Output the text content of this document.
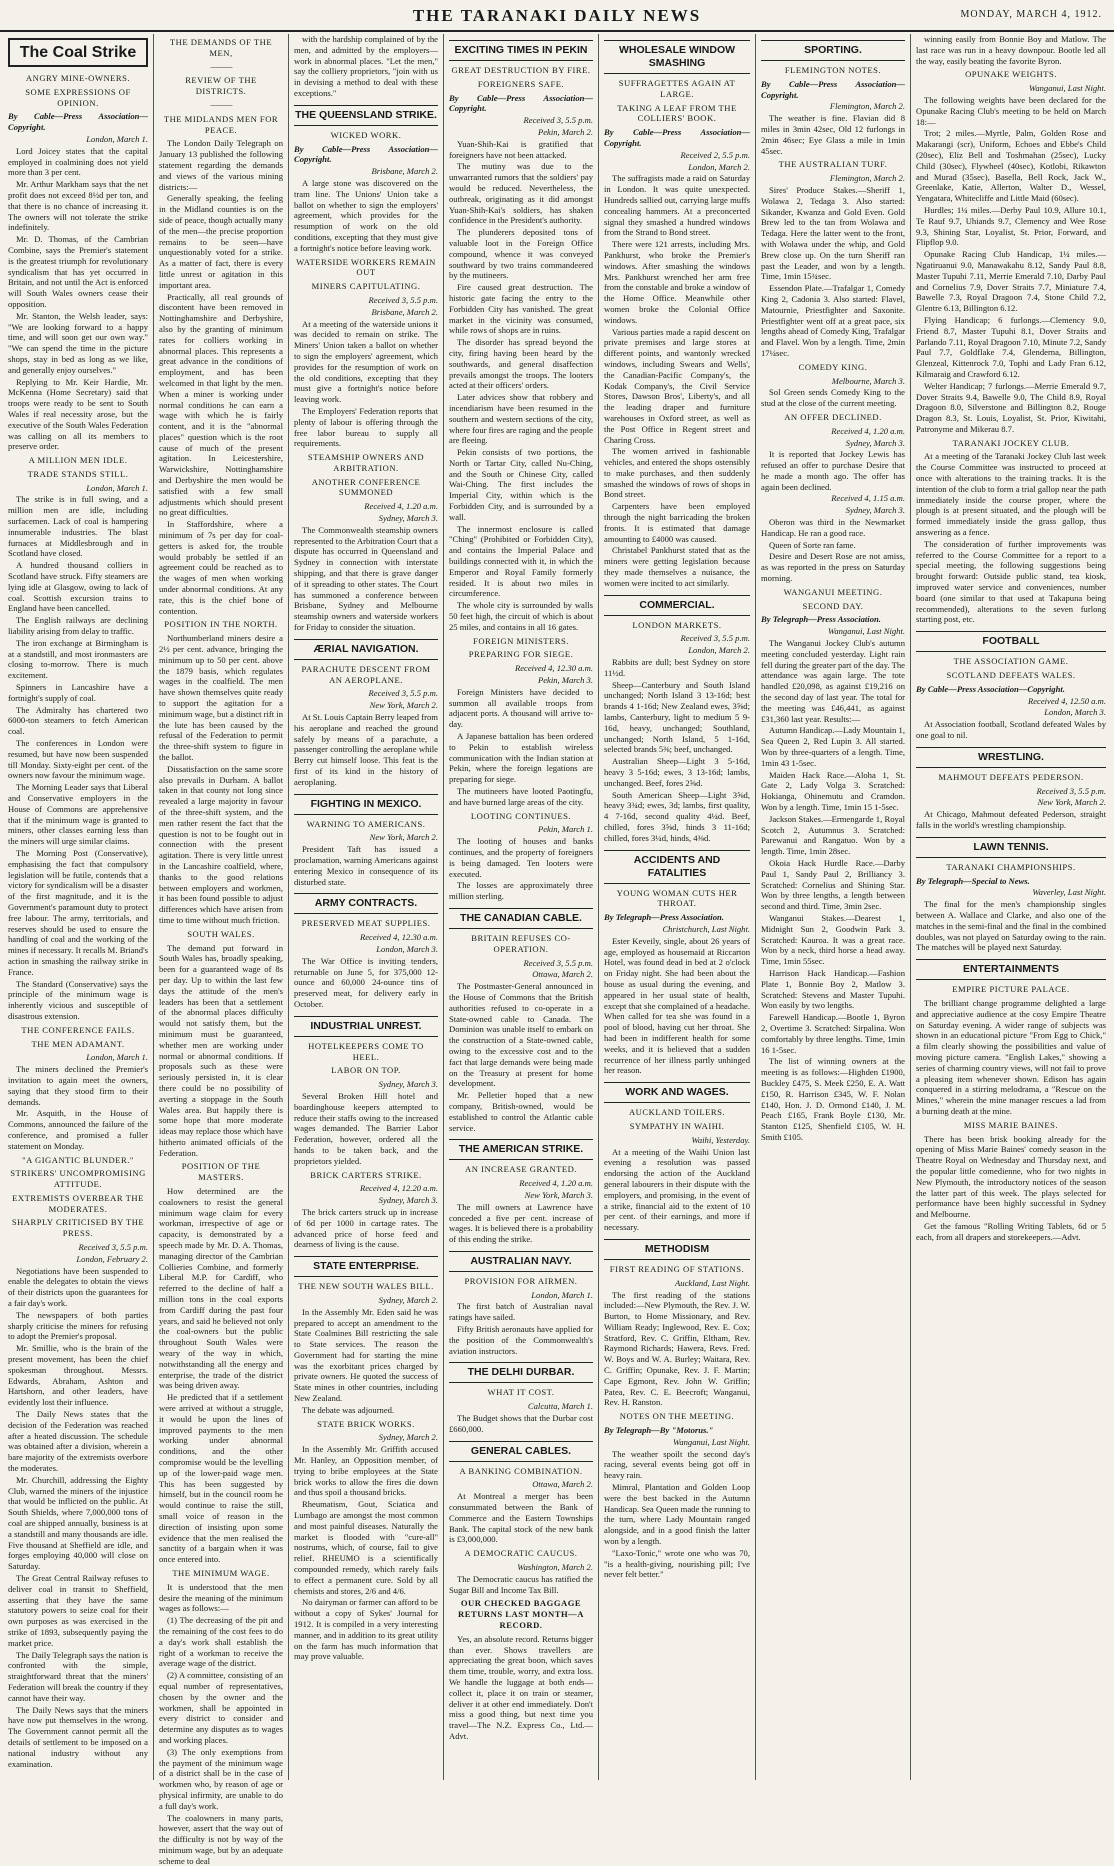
THE TARANAKI DAILY NEWS	MONDAY, MARCH 4, 1912.
The Coal Strike
ANGRY MINE-OWNERS.
SOME EXPRESSIONS OF OPINION.
By Cable—Press Association—Copyright.
London, March 1.

Lord Joicey states that the capital employed in coalmining does not yield more than 3 per cent.

Mr. Arthur Markham says that the net profit does not exceed 8½d per ton, and that there is no chance of increasing it. The owners will not tolerate the strike indefinitely.

Mr. D. Thomas, of the Cambrian Combine, says the Premier's statement is the greatest triumph for revolutionary syndicalism that has yet occurred in Britain, and not until the Act is enforced will South Wales owners cease their opposition.

Mr. Stanton, the Welsh leader, says: "We are looking forward to a happy time, and will soon get our own way." "We can spend the time in the picture shops, stay in bed as long as we like, and generally enjoy ourselves."

Replying to Mr. Keir Hardie, Mr. McKenna (Home Secretary) said that troops were ready to be sent to South Wales if real necessity arose, but the executive of the South Wales Federation was calling on all its members to preserve order.

A MILLION MEN IDLE.
TRADE STANDS STILL.
London, March 1.

The strike is in full swing, and a million men are idle, including surfacemen. Lack of coal is hampering innumerable industries. The blast furnaces at Middlesbrough and in Scotland have closed.

A hundred thousand colliers in Scotland have struck. Fifty steamers are lying idle at Glasgow, owing to lack of coal. Scottish excursion trains to England have been cancelled.

The English railways are declining liability arising from delay to traffic.

The iron exchange at Birmingham is at a standstill, and most ironmasters are closing to-morrow. There is much excitement.

Spinners in Lancashire have a fortnight's supply of coal.

The Admiralty has chartered two 6000-ton steamers to fetch American coal.

The conferences in London were resumed, but have now been suspended till Monday. Sixty-eight per cent. of the owners now favour the minimum wage.

The Morning Leader says that Liberal and Conservative employers in the House of Commons are apprehensive that if the minimum wage is granted to miners, other classes earning less than the miners will urge similar claims.

The Morning Post (Conservative), emphasising the fact that compulsory legislation will be futile, contends that a victory for syndicalism will be a disaster of the first magnitude, and it is the Government's paramount duty to protect free labour. The army, territorials, and reserves should be used to ensure the handling of coal and the working of the mines if necessary. It recalls M. Briand's action in smashing the railway strike in France.

The Standard (Conservative) says the principle of the minimum wage is inherently vicious and susceptible of disastrous extension.

THE CONFERENCE FAILS.
THE MEN ADAMANT.
London, March 1.

The miners declined the Premier's invitation to again meet the owners, saying that they stood firm to their demands.

Mr. Asquith, in the House of Commons, announced the failure of the conference, and promised a fuller statement on Monday.

"A GIGANTIC BLUNDER."
STRIKERS' UNCOMPROMISING ATTITUDE.
EXTREMISTS OVERBEAR THE MODERATES.
SHARPLY CRITICISED BY THE PRESS.
Received 3, 5.5 p.m.
London, February 2.

Negotiations have been suspended to enable the delegates to obtain the views of their districts upon the guarantees for a fair day's work.

The newspapers of both parties sharply criticise the miners for refusing to adopt the Premier's proposal.

Mr. Smillie, who is the brain of the present movement, has been the chief spokesman throughout. Messrs. Edwards, Abraham, Ashton and Hartshorn, and other leaders, have evidently lost their influence.

The Daily News states that the decision of the Federation was reached after a heated discussion. The schedule was obtained after a division, wherein a bare majority of the extremists overbore the moderates.

Mr. Churchill, addressing the Eighty Club, warned the miners of the injustice that would be inflicted on the public. At South Shields, where 7,000,000 tons of coal are shipped annually, business is at a standstill and many thousands are idle. Five thousand at Sheffield are idle, and forges employing 40,000 will close on Saturday.

The Great Central Railway refuses to deliver coal in transit to Sheffield, asserting that they have the same statutory powers to seize coal for their own purposes as was exercised in the strike of 1893, subsequently paying the market price.

The Daily Telegraph says the nation is confronted with the simple, straightforward threat that the miners' Federation will break the country if they cannot have their way.

The Daily News says that the miners have now put themselves in the wrong. The Government cannot permit all the details of settlement to be imposed on a national industry without any examination.

THE DEMANDS OF THE MEN,
———
REVIEW OF THE DISTRICTS.
———
THE MIDLANDS MEN FOR PEACE.

The London Daily Telegraph on January 13 published the following statement regarding the demands and views of the various mining districts:—

Generally speaking, the feeling in the Midland counties is on the side of peace, though actually many of the men—the precise proportion remains to be seen—have unquestionably voted for a strike. As a matter of fact, there is every little unrest or agitation in this important area.

Practically, all real grounds of discontent have been removed in Nottinghamshire and Derbyshire, also by the granting of minimum rates for colliers working in abnormal places. This represents a great advance in the conditions of employment, and has been welcomed in that light by the men. When a miner is working under normal conditions he can earn a wage with which he is fairly content, and it is the "abnormal places" question which is the root cause of much of the present agitation. In Leicestershire, Warwickshire, Nottinghamshire and Derbyshire the men would be satisfied with a few small adjustments which should present no great difficulties.

In Staffordshire, where a minimum of 7s per day for coal-getters is asked for, the trouble would probably be settled if an agreement could be reached as to the wages of men when working under abnormal conditions. At any rate, this is the chief bone of contention.

POSITION IN THE NORTH.

Northumberland miners desire a 2½ per cent. advance, bringing the minimum up to 50 per cent. above the 1879 basis, which regulates wages in the coalfield. The men have shown themselves quite ready to support the agitation for a minimum wage, but a distinct rift in the lute has been caused by the refusal of the Federation to permit the three-shift system to figure in the ballot.

Dissatisfaction on the same score also prevails in Durham. A ballot taken in that county not long since revealed a large majority in favour of the three-shift system, and the men rather resent the fact that the question is not to be fought out in connection with the present agitation. There is very little unrest in the Lancashire coalfield, where, thanks to the good relations between employers and workmen, it has been found possible to adjust differences which have arisen from time to time without much friction.

SOUTH WALES.

The demand put forward in South Wales has, broadly speaking, been for a guaranteed wage of 8s per day. Up to within the last few days the attitude of the men's leaders has been that a settlement of the abnormal places difficulty would not satisfy them, but the minimum must be guaranteed, whether men are working under normal or abnormal conditions. If proposals such as these were seriously persisted in, it is clear there could be no possibility of averting a stoppage in the South Wales area. But happily there is some hope that more moderate ideas may replace those which have hitherto animated officials of the Federation.

POSITION OF THE MASTERS.

How determined are the coalowners to resist the general minimum wage claim for every workman, irrespective of age or capacity, is demonstrated by a speech made by Mr. D. A. Thomas, managing director of the Cambrian Collieries Combine, and formerly Liberal M.P. for Cardiff, who referred to the decline of half a million tons in the coal exports from Cardiff during the past four years, and said he believed not only the coal-owners but the public throughout South Wales were weary of the way in which, notwithstanding all the energy and enterprise, the trade of the district was being driven away.

He predicted that if a settlement were arrived at without a struggle, it would be upon the lines of improved payments to the men working under abnormal conditions, and the other compromise would be the levelling up of the lower-paid wage men. This has been suggested by himself, but in the council room he would continue to raise the still, small voice of reason in the direction of insisting upon some evidence that the men realised the sanctity of a bargain when it was once entered into.

THE MINIMUM WAGE.

It is understood that the men desire the meaning of the minimum wages as follows:—

(1) The decreasing of the pit and the remaining of the cost fees to do a day's work shall establish the right of a workman to receive the average wage of the district.

(2) A committee, consisting of an equal number of representatives, chosen by the owner and the workmen, shall be appointed in every district to consider and determine any disputes as to wages and working places.

(3) The only exemptions from the payment of the minimum wage of a district shall be in the case of workmen who, by reason of age or physical infirmity, are unable to do a full day's work.

The coalowners in many parts, however, assert that the way out of the difficulty is not by way of the minimum wage, but by an adequate scheme to deal

with the hardship complained of by the men, and admitted by the employers—work in abnormal places. "Let the men," say the colliery proprietors, "join with us in devising a method to deal with these exceptions."

THE QUEENSLAND STRIKE.
WICKED WORK.
By Cable—Press Association—Copyright.
Brisbane, March 2.

A large stone was discovered on the tram line. The Unions' Union take a ballot on whether to sign the employers' agreement, which provides for the resumption of work on the old conditions, excepting that they must give a fortnight's notice before leaving work.

WATERSIDE WORKERS REMAIN OUT
MINERS CAPITULATING.
Received 3, 5.5 p.m.
Brisbane, March 2.

At a meeting of the waterside unions it was decided to remain on strike. The Miners' Union taken a ballot on whether to sign the employers' agreement, which provides for the resumption of work on the old conditions, excepting that they must give a fortnight's notice before leaving work.

The Employers' Federation reports that plenty of labour is offering through the free labor bureau to supply all requirements.

STEAMSHIP OWNERS AND ARBITRATION.
ANOTHER CONFERENCE SUMMONED
Received 4, 1.20 a.m.
Sydney, March 3.

The Commonwealth steamship owners represented to the Arbitration Court that a dispute has occurred in Queensland and Sydney in connection with interstate shipping, and that there is grave danger of it spreading to other states. The Court has summoned a conference between Brisbane, Sydney and Melbourne steamship owners and waterside workers for Friday to consider the situation.

ÆRIAL NAVIGATION.
PARACHUTE DESCENT FROM AN AEROPLANE.
Received 3, 5.5 p.m.
New York, March 2.

At St. Louis Captain Berry leaped from his aeroplane and reached the ground safely by means of a parachute, a passenger controlling the aeroplane while Berry cut himself loose. This feat is the first of its kind in the history of aeroplaning.

FIGHTING IN MEXICO.
WARNING TO AMERICANS.
New York, March 2.

President Taft has issued a proclamation, warning Americans against entering Mexico in consequence of its disturbed state.

ARMY CONTRACTS.
PRESERVED MEAT SUPPLIES.
Received 4, 12.30 a.m.
London, March 3.

The War Office is inviting tenders, returnable on June 5, for 375,000 12-ounce and 60,000 24-ounce tins of preserved meat, for delivery early in October.

INDUSTRIAL UNREST.
HOTELKEEPERS COME TO HEEL.
LABOR ON TOP.
Sydney, March 3.

Several Broken Hill hotel and boardinghouse keepers attempted to reduce their staffs owing to the increased wages demanded. The Barrier Labor Federation, however, ordered all the hands to be taken back, and the proprietors yielded.

BRICK CARTERS STRIKE.
Received 4, 12.20 a.m.
Sydney, March 3.

The brick carters struck up in increase of 6d per 1000 in cartage rates. The advanced price of horse feed and dearness of living is the cause.

STATE ENTERPRISE.
THE NEW SOUTH WALES BILL.
Sydney, March 2.

In the Assembly Mr. Eden said he was prepared to accept an amendment to the State Coalmines Bill restricting the sale to State services. The reason the Government had for starting the mine was the exorbitant prices charged by private owners. He quoted the success of State mines in other countries, including New Zealand.

The debate was adjourned.

STATE BRICK WORKS.
Sydney, March 2.

In the Assembly Mr. Griffith accused Mr. Hanley, an Opposition member, of trying to bribe employees at the State brick works to allow the fires die down and thus spoil a thousand bricks.

Rheumatism, Gout, Sciatica and Lumbago are amongst the most common and most painful diseases. Naturally the market is flooded with "cure-all" nostrums, which, of course, fail to give relief. RHEUMO is a scientifically compounded remedy, which rarely fails to effect a permanent cure. Sold by all chemists and stores, 2/6 and 4/6.

No dairyman or farmer can afford to be without a copy of Sykes' Journal for 1912. It is compiled in a very interesting manner, and in addition to its great utility on the farm has much information that may prove valuable.

EXCITING TIMES IN PEKIN
GREAT DESTRUCTION BY FIRE.
FOREIGNERS SAFE.
By Cable—Press Association—Copyright.
Received 3, 5.5 p.m.
Pekin, March 2.

Yuan-Shih-Kai is gratified that foreigners have not been attacked.

The mutiny was due to the unwarranted rumors that the soldiers' pay would be reduced. Nevertheless, the outbreak, originating as it did amongst Yuan-Shih-Kai's soldiers, has shaken confidence in the President's authority.

The plunderers deposited tons of valuable loot in the Foreign Office compound, whence it was conveyed southward by two trains commandeered by the mutineers.

Fire caused great destruction. The historic gate facing the entry to the Forbidden City has vanished. The great market in the vicinity was consumed, while rows of shops are in ruins.

The disorder has spread beyond the city, firing having been heard by the southwards, and general disaffection prevails amongst the troops. The looters acted at their officers' orders.

Later advices show that robbery and incendiarism have been resumed in the southern and western sections of the city, where four fires are raging and the people are fleeing.

Pekin consists of two portions, the North or Tartar City, called Nu-Ching, and the South or Chinese City, called Wai-Ching. The first includes the Imperial City, within which is the Forbidden City, and is surrounded by a wall.

The innermost enclosure is called "Ching" (Prohibited or Forbidden City), and contains the Imperial Palace and buildings connected with it, in which the Emperor and Royal Family formerly resided. It is about two miles in circumference.

The whole city is surrounded by walls 50 feet high, the circuit of which is about 25 miles, and contains in all 16 gates.

FOREIGN MINISTERS.
PREPARING FOR SIEGE.
Received 4, 12.30 a.m.
Pekin, March 3.

Foreign Ministers have decided to summon all available troops from adjacent ports. A thousand will arrive to-day.

A Japanese battalion has been ordered to Pekin to establish wireless communication with the Indian station at Pekin, where the foreign legations are preparing for siege.

The mutineers have looted Paotingfu, and have burned large areas of the city.

LOOTING CONTINUES.
Pekin, March 1.

The looting of houses and banks continues, and the property of foreigners is being damaged. Ten looters were executed.

The losses are approximately three million sterling.

THE CANADIAN CABLE.
BRITAIN REFUSES CO-OPERATION.
Received 3, 5.5 p.m.
Ottawa, March 2.

The Postmaster-General announced in the House of Commons that the British authorities refused to co-operate in a State-owned cable to Canada. The Dominion was unable itself to embark on the construction of a State-owned cable, owing to the excessive cost and to the fact that large demands were being made on the Treasury at present for home development.

Mr. Pelletier hoped that a new company, British-owned, would be established to control the Atlantic cable service.

THE AMERICAN STRIKE.
AN INCREASE GRANTED.
Received 4, 1.20 a.m.
New York, March 3.

The mill owners at Lawrence have conceded a five per cent. increase of wages. It is believed there is a probability of this ending the strike.

AUSTRALIAN NAVY.
PROVISION FOR AIRMEN.
London, March 1.

The first batch of Australian naval ratings have sailed.

Fifty British aeronauts have applied for the position of the Commonwealth's aviation instructors.

THE DELHI DURBAR.
WHAT IT COST.
Calcutta, March 1.

The Budget shows that the Durbar cost £660,000.

GENERAL CABLES.
A BANKING COMBINATION.
Ottawa, March 2.

At Montreal a merger has been consummated between the Bank of Commerce and the Eastern Townships Bank. The capital stock of the new bank is £3,000,000.

A DEMOCRATIC CAUCUS.
Washington, March 2.

The Democratic caucus has ratified the Sugar Bill and Income Tax Bill.

OUR CHECKED BAGGAGE RETURNS LAST MONTH—A RECORD.

Yes, an absolute record. Returns bigger than ever. Shows travellers are appreciating the great boon, which saves them time, trouble, worry, and extra loss. We handle the luggage at both ends—collect it, place it on train or steamer, deliver it at other end immediately. Don't miss a good thing, but next time you travel—The N.Z. Express Co., Ltd.—Advt.

WHOLESALE WINDOW SMASHING
SUFFRAGETTES AGAIN AT LARGE.
TAKING A LEAF FROM THE COLLIERS' BOOK.
By Cable—Press Association—Copyright.
Received 2, 5.5 p.m.
London, March 2.

The suffragists made a raid on Saturday in London. It was quite unexpected. Hundreds sallied out, carrying large muffs concealing hammers. At a preconcerted signal they smashed a hundred windows from the Strand to Bond street.

There were 121 arrests, including Mrs. Pankhurst, who broke the Premier's windows. After smashing the windows Mrs. Pankhurst wrenched her arm free from the constable and broke a window of the Home Office. Meanwhile other women broke the Colonial Office windows.

Various parties made a rapid descent on private premises and large stores at different points, and wantonly wrecked windows, including Swears and Wells', the Canadian-Pacific Company's, the Kodak Company's, the Civil Service Stores, Dawson Bros', Liberty's, and all the leading draper and furniture warehouses in Oxford street, as well as the Post Office in Regent street and Charing Cross.

The women arrived in fashionable vehicles, and entered the shops ostensibly to make purchases, and then suddenly smashed the windows of rows of shops in Bond street.

Carpenters have been employed through the night barricading the broken fronts. It is estimated that damage amounting to £4000 was caused.

Christabel Pankhurst stated that as the miners were getting legislation because they made themselves a nuisance, the women were incited to act similarly.

COMMERCIAL.
LONDON MARKETS.
Received 3, 5.5 p.m.
London, March 2.

Rabbits are dull; best Sydney on store 11½d.

Sheep—Canterbury and South Island unchanged; North Island 3 13-16d; best brands 4 1-16d; New Zealand ewes, 3⅝d; lambs, Canterbury, light to medium 5 9-16d, heavy, unchanged; Southland, unchanged; North Island, 5 1-16d, selected brands 5⅜; beef, unchanged.

Australian Sheep—Light 3 5-16d, heavy 3 5-16d; ewes, 3 13-16d; lambs, unchanged. Beef, fores 2⅝d.

South American Sheep—Light 3⅝d, heavy 3¾d; ewes, 3d; lambs, first quality, 4 7-16d, second quality 4¼d. Beef, chilled, fores 3⅝d, hinds 3 11-16d; chilled, fores 3¼d, hinds, 4⅜d.

ACCIDENTS AND FATALITIES
YOUNG WOMAN CUTS HER THROAT.
By Telegraph—Press Association.
Christchurch, Last Night.

Ester Keveily, single, about 26 years of age, employed as housemaid at Riccarton Hotel, was found dead in bed at 2 o'clock on Friday night. She had been about the house as usual during the evening, and appeared in her usual state of health, except that she complained of a headache. When called for tea she was found in a pool of blood, having cut her throat. She had been in indifferent health for some weeks, and it is believed that a sudden recurrence of her illness partly unhinged her reason.

WORK AND WAGES.
AUCKLAND TOILERS.
SYMPATHY IN WAIHI.
Waihi, Yesterday.

At a meeting of the Waihi Union last evening a resolution was passed endorsing the action of the Auckland general labourers in their dispute with the employers, and promising, in the event of a strike, financial aid to the extent of 10 per cent. of their earnings, and more if necessary.

METHODISM
FIRST READING OF STATIONS.
Auckland, Last Night.

The first reading of the stations included:—New Plymouth, the Rev. J. W. Burton, to Home Missionary, and Rev. William Ready; Inglewood, Rev. E. Cox; Stratford, Rev. C. Griffin, Eltham, Rev. Raymond Richards; Hawera, Revs. Fred. W. Boys and W. A. Burley; Waitara, Rev. C. Griffin; Opunake, Rev. J. F. Martin; Cape Egmont, Rev. John W. Griffin; Patea, Rev. C. E. Beecroft; Wanganui, Rev. H. Ranston.

NOTES ON THE MEETING.
By Telegraph—By "Motorus."
Wanganui, Last Night.

The weather spoilt the second day's racing, several events being got off in heavy rain.

Mimral, Plantation and Golden Loop were the best backed in the Autumn Handicap. Sea Queen made the running to the turn, where Lady Mountain ranged alongside, and in a good finish the latter won by a length.

"Laxo-Tonic," wrote one who was 70, "is a health-giving, nourishing pill; I've never felt better."

SPORTING.
FLEMINGTON NOTES.
By Cable—Press Association—Copyright.
Flemington, March 2.

The weather is fine. Flavian did 8 miles in 3min 42sec, Old 12 furlongs in 2min 46sec; Eye Glass a mile in 1min 45sec.

THE AUSTRALIAN TURF.
Flemington, March 2.

Sires' Produce Stakes.—Sheriff 1, Wolawa 2, Tedaga 3. Also started: Sikander, Kwanza and Gold Even. Gold Brew led to the tan from Wolawa and Tedaga. Here the latter went to the front, with Wolawa under the whip, and Gold Brew close up. On the turn Sheriff ran past the Leader, and won by a length. Time, 1min 15¾sec.

Essendon Plate.—Trafalgar 1, Comedy King 2, Cadonia 3. Also started: Flavel, Matournie, Priestfighter and Saxonite. Priestfighter went off at a great pace, six lengths ahead of Comedy King, Trafalgar and Flavel. Won by a length. Time, 2min 17¼sec.

COMEDY KING.
Melbourne, March 3.

Sol Green sends Comedy King to the stud at the close of the current meeting.

AN OFFER DECLINED.
Received 4, 1.20 a.m.
Sydney, March 3.

It is reported that Jockey Lewis has refused an offer to purchase Desire that he made a month ago. The offer has again been declined.

Received 4, 1.15 a.m.
Sydney, March 3.

Oberon was third in the Newmarket Handicap. He ran a good race.

Queen of Sorte ran fame.

Desire and Desert Rose are not amiss, as was reported in the press on Saturday morning.

WANGANUI MEETING.
SECOND DAY.
By Telegraph—Press Association.
Wanganui, Last Night.

The Wanganui Jockey Club's autumn meeting concluded yesterday. Light rain fell during the greater part of the day. The attendance was again large. The tote handled £20,098, as against £19,216 on the second day of last year. The total for the meeting was £46,441, as against £31,360 last year. Results:—

Autumn Handicap.—Lady Mountain 1, Sea Queen 2, Red Lupin 3. All started. Won by three-quarters of a length. Time, 1min 43 1-5sec.

Maiden Hack Race.—Aloha 1, St. Gate 2, Lady Volga 3. Scratched: Hokianga, Ohinemutu and Cramdon. Won by a length. Time, 1min 15 1-5sec.

Jackson Stakes.—Ermengarde 1, Royal Scotch 2, Autumnus 3. Scratched: Parewanui and Rangatuo. Won by a length. Time, 1min 28sec.

Okoia Hack Hurdle Race.—Darby Paul 1, Sandy Paul 2, Brilliancy 3. Scratched: Cornelius and Shining Star. Won by three lengths, a length between second and third. Time, 3min 2sec.

Wanganui Stakes.—Dearest 1, Midnight Sun 2, Goodwin Park 3. Scratched: Kauroa. It was a great race. Won by a neck, third horse a head away. Time, 1min 55sec.

Harrison Hack Handicap.—Fashion Plate 1, Bonnie Boy 2, Matlow 3. Scratched: Stevens and Master Tupuhi. Won easily by two lengths.

Farewell Handicap.—Bootle 1, Byron 2, Overtime 3. Scratched: Sirpalina. Won comfortably by three lengths. Time, 1min 16 1-5sec.

The list of winning owners at the meeting is as follows:—Highden £1900, Buckley £475, S. Meek £250, E. A. Watt £150, R. Harrison £345, W. F. Nolan £140, Hon. J. D. Ormond £140, J. M. Peach £165, Frank Boyle £130, Mr. Stanton £125, Shenfield £105, W. H. Smith £105.

winning easily from Bonnie Boy and Matlow. The last race was run in a heavy downpour. Bootle led all the way, easily beating the favorite Byron.

OPUNAKE WEIGHTS.
Wanganui, Last Night.

The following weights have been declared for the Opunake Racing Club's meeting to be held on March 18:—

Trot; 2 miles.—Myrtle, Palm, Golden Rose and Makarangi (scr), Uniform, Echoes and Ebbe's Child (20sec), Eliz Bell and Toshmahan (25sec), Lucky Child (30sec), Flywheel (40sec), Kotlobi, Rikawton and Murad (35sec), Basella, Bell Rock, Jack W., Greenlake, Katie, Allerton, Walter D., Wessel, Yengatara, Whitecliffe and Little Maid (60sec).

Hurdles; 1¼ miles.—Derby Paul 10.9, Allure 10.1, Te Rauf 9.7, Uhiands 9.7, Clemency and Wee Rose 9.3, Shining Star, Loyalist, St. Prior, Forward, and Flipflop 9.0.

Opunake Racing Club Handicap, 1¼ miles.—Ngatiruanui 9.0, Manawakahu 8.12, Sandy Paul 8.8, Master Tupuhi 7.11, Merrie Emerald 7.10, Darby Paul and Cornelius 7.9, Dover Straits 7.7, Miniature 7.4, Bawelle 7.3, Royal Dragoon 7.4, Stone Child 7.2, Glentre 6.13, Billington 6.12.

Flying Handicap; 6 furlongs.—Clemency 9.0, Friend 8.7, Master Tupuhi 8.1, Dover Straits and Parlando 7.11, Royal Dragoon 7.10, Minute 7.2, Sandy Paul 7.7, Goldflake 7.4, Glenderna, Billington, Glenzeal, Kittenrock 7.0, Tophi and Lady Fran 6.12, Kilmaraig and Crawford 6.12.

Welter Handicap; 7 furlongs.—Merrie Emerald 9.7, Dover Straits 9.4, Bawelle 9.0, The Child 8.9, Royal Dragoon 8.0, Silverstone and Billington 8.2, Rouge Dragon 8.3, St. Louis, Loyalist, St. Prior, Kiwitahi, Patronyme and Mikerau 8.7.

TARANAKI JOCKEY CLUB.

At a meeting of the Taranaki Jockey Club last week the Course Committee was instructed to proceed at once with alterations to the training tracks. It is the intention of the club to form a trial gallop near the path immediately inside the course proper, where the plough is at present situated, and the plough will be formed immediately inside the grass gallop, thus answering as a fence.

The consideration of further improvements was referred to the Course Committee for a report to a special meeting, the following suggestions being brought forward: Outside public stand, tea kiosk, improved water service and conveniences, number board (one similar to that used at Takapuna being recommended), alterations to the seven furlong starting post, etc.

FOOTBALL
THE ASSOCIATION GAME.
SCOTLAND DEFEATS WALES.
By Cable—Press Association—Copyright.
Received 4, 12.50 a.m.
London, March 3.

At Association football, Scotland defeated Wales by one goal to nil.

WRESTLING.
MAHMOUT DEFEATS PEDERSON.
Received 3, 5.5 p.m.
New York, March 2.

At Chicago, Mahmout defeated Pederson, straight falls in the world's wrestling championship.

LAWN TENNIS.
TARANAKI CHAMPIONSHIPS.
By Telegraph—Special to News.
Waverley, Last Night.

The final for the men's championship singles between A. Wallace and Clarke, and also one of the matches in the semi-final and the final in the combined doubles, was not played on Saturday owing to the rain. The matches will be played next Saturday.

ENTERTAINMENTS
EMPIRE PICTURE PALACE.

The brilliant change programme delighted a large and appreciative audience at the cosy Empire Theatre on Saturday evening. A wider range of subjects was shown in an educational picture "From Egg to Chick," a film clearly showing the possibilities and value of moving picture camera. "English Lakes," showing a series of charming country views, will not fail to prove a pleasing item whenever shown. Edison has again conquered in a stirring melodrama, a "Rescue on the Mines," wherein the mine manager rescues a lad from a burning death at the mine.

MISS MARIE BAINES.

There has been brisk booking already for the opening of Miss Marie Baines' comedy season in the Theatre Royal on Wednesday and Thursday next, and the popular little comedienne, who for two nights in New Plymouth, the introductory notices of the season the latter part of this week. The plays selected for performance have been highly successful in Sydney and Melbourne.

Get the famous "Rolling Writing Tablets, 6d or 5 each, from all drapers and storekeepers.—Advt.
